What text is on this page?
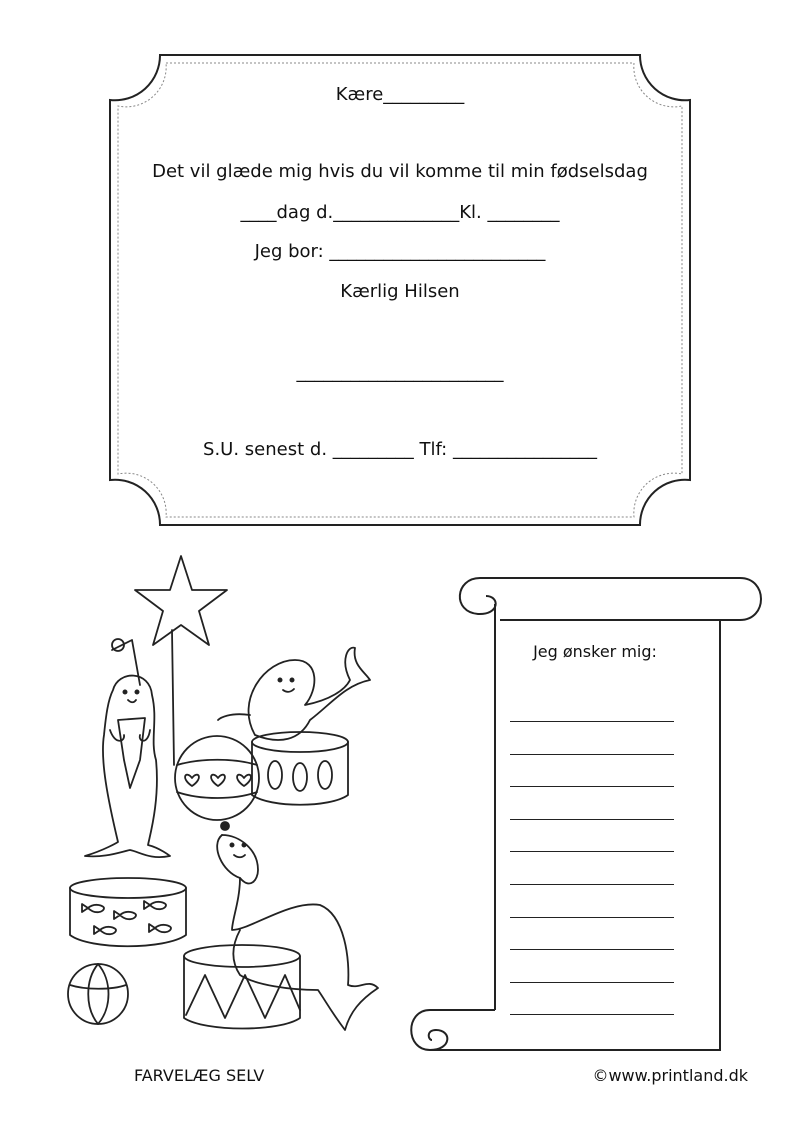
Kære_________
Det vil glæde mig hvis du vil komme til min fødselsdag
____dag d.______________Kl. ________
Jeg bor: ________________________
Kærlig Hilsen
_______________________
S.U. senest d. _________ Tlf: ________________
Jeg ønsker mig:
FARVELÆG SELV	©www.printland.dk
